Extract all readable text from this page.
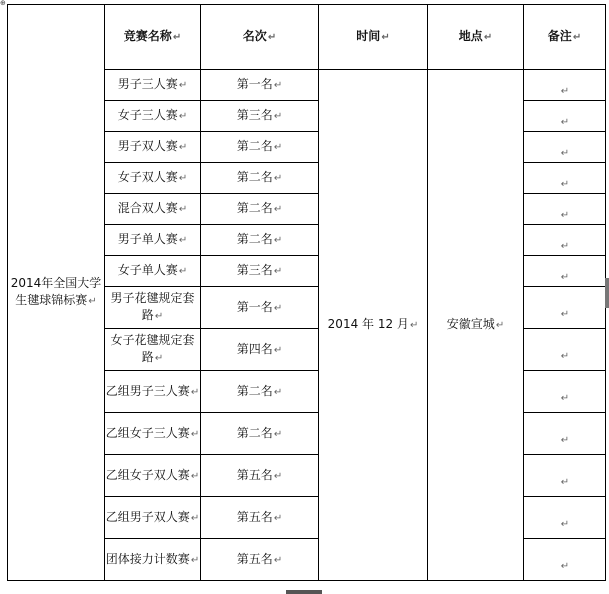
⊕
2014年全国大学生毽球锦标赛↵	竞赛名称↵	名次↵	时间↵	地点↵	备注↵
	男子三人赛↵	第一名↵	2014 年 12 月↵	安徽宣城↵	$_↵$
	女子三人赛↵	第三名↵			$_↵$
	男子双人赛↵	第二名↵			$_↵$
	女子双人赛↵	第二名↵			$_↵$
	混合双人赛↵	第二名↵			$_↵$
	男子单人赛↵	第二名↵			$_↵$
	女子单人赛↵	第三名↵			$_↵$
	男子花毽规定套路↵	第一名↵			$_↵$
	女子花毽规定套路↵	第四名↵			$_↵$
	乙组男子三人赛↵	第二名↵			$_↵$
	乙组女子三人赛↵	第二名↵			$_↵$
	乙组女子双人赛↵	第五名↵			$_↵$
	乙组男子双人赛↵	第五名↵			$_↵$
	团体接力计数赛↵	第五名↵			$_↵$
